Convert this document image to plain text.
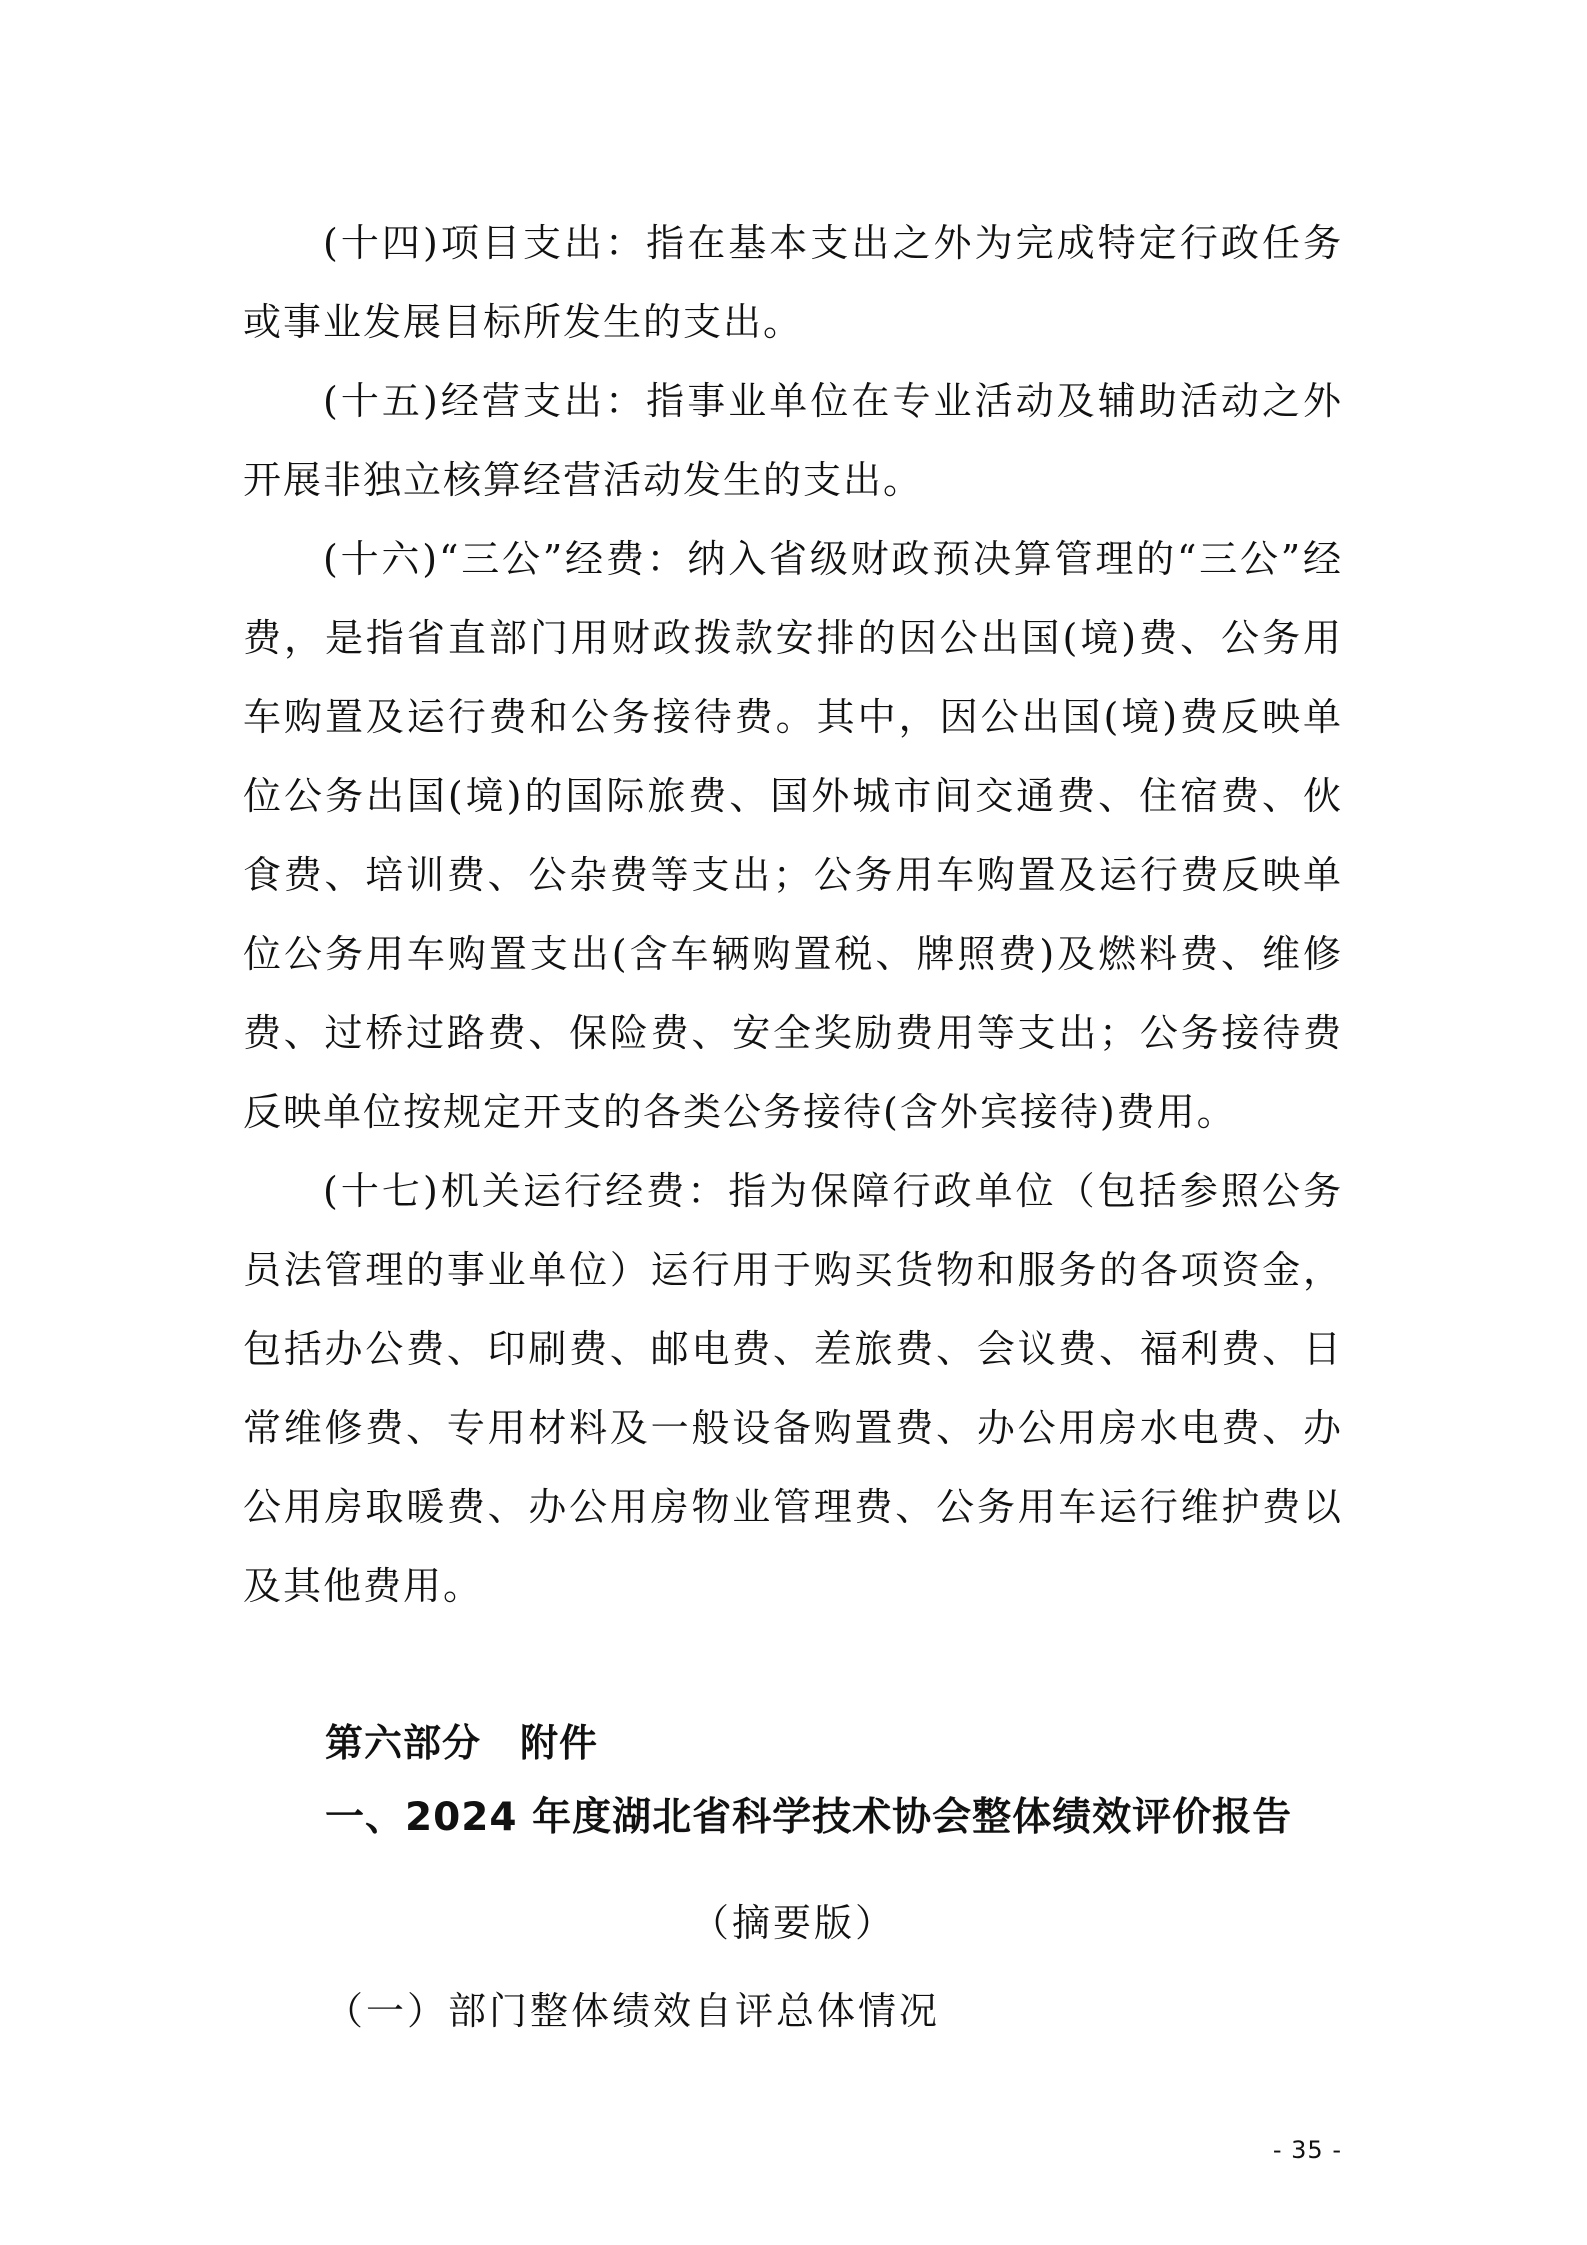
(十四)项目支出：指在基本支出之外为完成特定行政任务或事业发展目标所发生的支出。

(十五)经营支出：指事业单位在专业活动及辅助活动之外开展非独立核算经营活动发生的支出。

(十六)“三公”经费：纳入省级财政预决算管理的“三公”经费，是指省直部门用财政拨款安排的因公出国(境)费、公务用车购置及运行费和公务接待费。其中，因公出国(境)费反映单位公务出国(境)的国际旅费、国外城市间交通费、住宿费、伙食费、培训费、公杂费等支出；公务用车购置及运行费反映单位公务用车购置支出(含车辆购置税、牌照费)及燃料费、维修费、过桥过路费、保险费、安全奖励费用等支出；公务接待费反映单位按规定开支的各类公务接待(含外宾接待)费用。

(十七)机关运行经费：指为保障行政单位（包括参照公务员法管理的事业单位）运行用于购买货物和服务的各项资金，包括办公费、印刷费、邮电费、差旅费、会议费、福利费、日常维修费、专用材料及一般设备购置费、办公用房水电费、办公用房取暖费、办公用房物业管理费、公务用车运行维护费以及其他费用。

第六部分　附件

一、2024 年度湖北省科学技术协会整体绩效评价报告

（摘要版）

（一）部门整体绩效自评总体情况

- 35 -
